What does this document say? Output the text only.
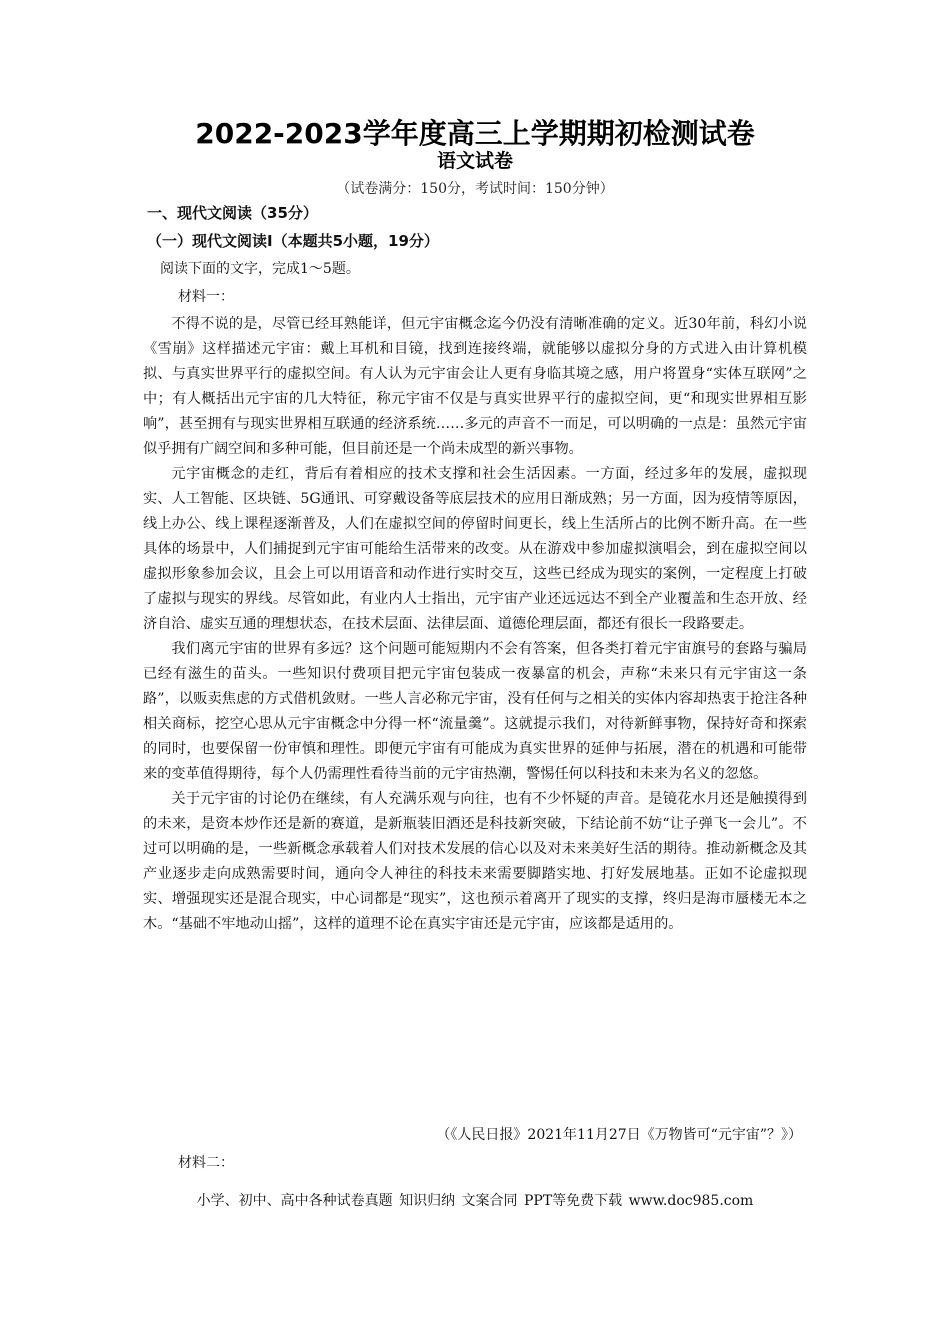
2022-2023学年度高三上学期期初检测试卷
语文试卷
（试卷满分：150分，考试时间：150分钟）
一、现代文阅读（35分）
（一）现代文阅读Ⅰ（本题共5小题，19分）
阅读下面的文字，完成1～5题。
材料一：

不得不说的是，尽管已经耳熟能详，但元宇宙概念迄今仍没有清晰准确的定义。近30年前，科幻小说《雪崩》这样描述元宇宙：戴上耳机和目镜，找到连接终端，就能够以虚拟分身的方式进入由计算机模拟、与真实世界平行的虚拟空间。有人认为元宇宙会让人更有身临其境之感，用户将置身“实体互联网”之中；有人概括出元宇宙的几大特征，称元宇宙不仅是与真实世界平行的虚拟空间，更“和现实世界相互影响”，甚至拥有与现实世界相互联通的经济系统……多元的声音不一而足，可以明确的一点是：虽然元宇宙似乎拥有广阔空间和多种可能，但目前还是一个尚未成型的新兴事物。

元宇宙概念的走红，背后有着相应的技术支撑和社会生活因素。一方面，经过多年的发展，虚拟现实、人工智能、区块链、5G通讯、可穿戴设备等底层技术的应用日渐成熟；另一方面，因为疫情等原因，线上办公、线上课程逐渐普及，人们在虚拟空间的停留时间更长，线上生活所占的比例不断升高。在一些具体的场景中，人们捕捉到元宇宙可能给生活带来的改变。从在游戏中参加虚拟演唱会，到在虚拟空间以虚拟形象参加会议，且会上可以用语音和动作进行实时交互，这些已经成为现实的案例，一定程度上打破了虚拟与现实的界线。尽管如此，有业内人士指出，元宇宙产业还远远达不到全产业覆盖和生态开放、经济自洽、虚实互通的理想状态，在技术层面、法律层面、道德伦理层面，都还有很长一段路要走。

我们离元宇宙的世界有多远？这个问题可能短期内不会有答案，但各类打着元宇宙旗号的套路与骗局已经有滋生的苗头。一些知识付费项目把元宇宙包装成一夜暴富的机会，声称“未来只有元宇宙这一条路”，以贩卖焦虑的方式借机敛财。一些人言必称元宇宙，没有任何与之相关的实体内容却热衷于抢注各种相关商标，挖空心思从元宇宙概念中分得一杯“流量羹”。这就提示我们，对待新鲜事物，保持好奇和探索的同时，也要保留一份审慎和理性。即便元宇宙有可能成为真实世界的延伸与拓展，潜在的机遇和可能带来的变革值得期待，每个人仍需理性看待当前的元宇宙热潮，警惕任何以科技和未来为名义的忽悠。

关于元宇宙的讨论仍在继续，有人充满乐观与向往，也有不少怀疑的声音。是镜花水月还是触摸得到的未来，是资本炒作还是新的赛道，是新瓶装旧酒还是科技新突破，下结论前不妨“让子弹飞一会儿”。不过可以明确的是，一些新概念承载着人们对技术发展的信心以及对未来美好生活的期待。推动新概念及其产业逐步走向成熟需要时间，通向令人神往的科技未来需要脚踏实地、打好发展地基。正如不论虚拟现实、增强现实还是混合现实，中心词都是“现实”，这也预示着离开了现实的支撑，终归是海市蜃楼无本之木。“基础不牢地动山摇”，这样的道理不论在真实宇宙还是元宇宙，应该都是适用的。

（《人民日报》2021年11月27日《万物皆可“元宇宙”？》）
材料二：
小学、初中、高中各种试卷真题 知识归纳 文案合同 PPT等免费下载 www.doc985.com
